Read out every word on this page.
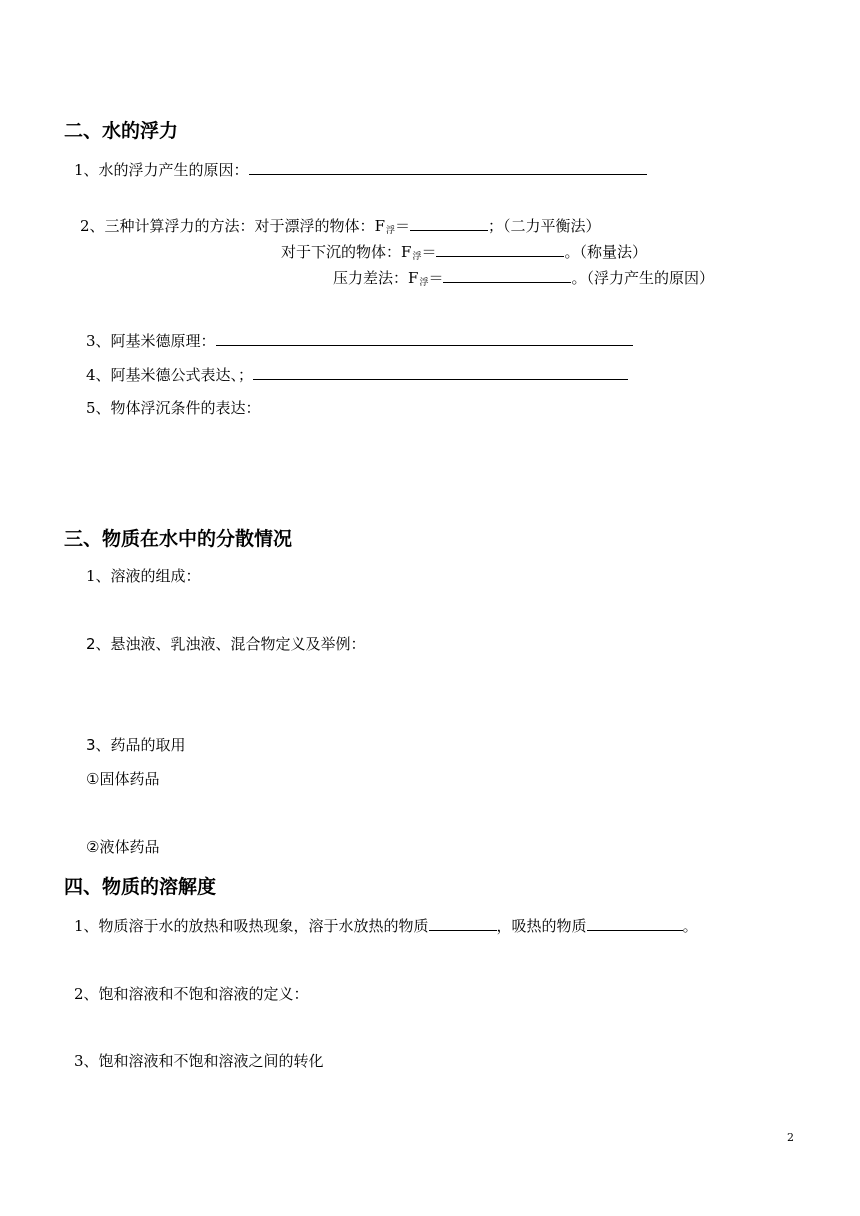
二、水的浮力
1、水的浮力产生的原因：
2、三种计算浮力的方法：对于漂浮的物体：F浮＝	；（二力平衡法）
对于下沉的物体：F浮＝	。（称量法）
压力差法：F浮＝	。（浮力产生的原因）
3、阿基米德原理：
4、阿基米德公式表达、；
5、物体浮沉条件的表达：
三、物质在水中的分散情况
1、溶液的组成：
2、悬浊液、乳浊液、混合物定义及举例：
3、药品的取用
①固体药品
②液体药品
四、物质的溶解度
1、物质溶于水的放热和吸热现象，溶于水放热的物质	，吸热的物质	。
2、饱和溶液和不饱和溶液的定义：
3、饱和溶液和不饱和溶液之间的转化
2
